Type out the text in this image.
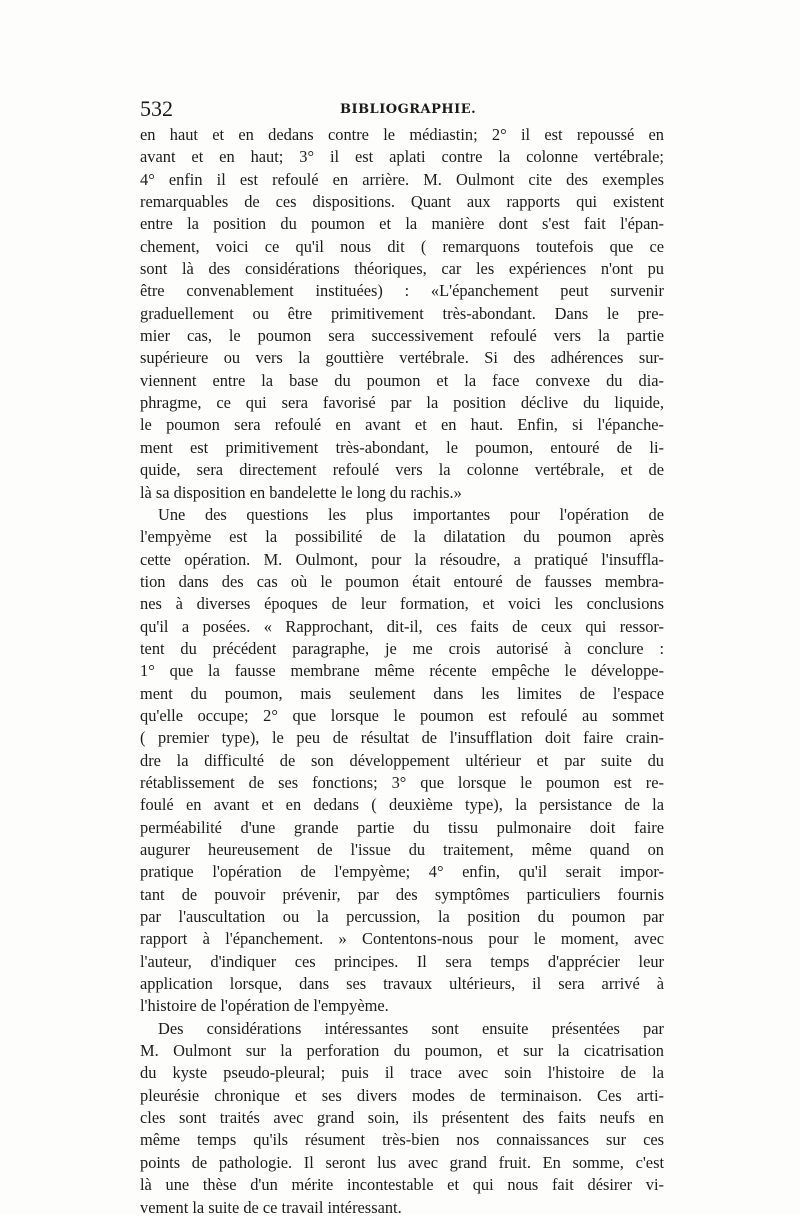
532	BIBLIOGRAPHIE.
en haut et en dedans contre le médiastin; 2° il est repoussé en
avant et en haut; 3° il est aplati contre la colonne vertébrale;
4° enfin il est refoulé en arrière. M. Oulmont cite des exemples
remarquables de ces dispositions. Quant aux rapports qui existent
entre la position du poumon et la manière dont s'est fait l'épan-
chement, voici ce qu'il nous dit ( remarquons toutefois que ce
sont là des considérations théoriques, car les expériences n'ont pu
être convenablement instituées) : «L'épanchement peut survenir
graduellement ou être primitivement très-abondant. Dans le pre-
mier cas, le poumon sera successivement refoulé vers la partie
supérieure ou vers la gouttière vertébrale. Si des adhérences sur-
viennent entre la base du poumon et la face convexe du dia-
phragme, ce qui sera favorisé par la position déclive du liquide,
le poumon sera refoulé en avant et en haut. Enfin, si l'épanche-
ment est primitivement très-abondant, le poumon, entouré de li-
quide, sera directement refoulé vers la colonne vertébrale, et de
là sa disposition en bandelette le long du rachis.»
Une des questions les plus importantes pour l'opération de
l'empyème est la possibilité de la dilatation du poumon après
cette opération. M. Oulmont, pour la résoudre, a pratiqué l'insuffla-
tion dans des cas où le poumon était entouré de fausses membra-
nes à diverses époques de leur formation, et voici les conclusions
qu'il a posées. « Rapprochant, dit-il, ces faits de ceux qui ressor-
tent du précédent paragraphe, je me crois autorisé à conclure :
1° que la fausse membrane même récente empêche le développe-
ment du poumon, mais seulement dans les limites de l'espace
qu'elle occupe; 2° que lorsque le poumon est refoulé au sommet
( premier type), le peu de résultat de l'insufflation doit faire crain-
dre la difficulté de son développement ultérieur et par suite du
rétablissement de ses fonctions; 3° que lorsque le poumon est re-
foulé en avant et en dedans ( deuxième type), la persistance de la
perméabilité d'une grande partie du tissu pulmonaire doit faire
augurer heureusement de l'issue du traitement, même quand on
pratique l'opération de l'empyème; 4° enfin, qu'il serait impor-
tant de pouvoir prévenir, par des symptômes particuliers fournis
par l'auscultation ou la percussion, la position du poumon par
rapport à l'épanchement. » Contentons-nous pour le moment, avec
l'auteur, d'indiquer ces principes. Il sera temps d'apprécier leur
application lorsque, dans ses travaux ultérieurs, il sera arrivé à
l'histoire de l'opération de l'empyème.
Des considérations intéressantes sont ensuite présentées par
M. Oulmont sur la perforation du poumon, et sur la cicatrisation
du kyste pseudo-pleural; puis il trace avec soin l'histoire de la
pleurésie chronique et ses divers modes de terminaison. Ces arti-
cles sont traités avec grand soin, ils présentent des faits neufs en
même temps qu'ils résument très-bien nos connaissances sur ces
points de pathologie. Il seront lus avec grand fruit. En somme, c'est
là une thèse d'un mérite incontestable et qui nous fait désirer vi-
vement la suite de ce travail intéressant.
